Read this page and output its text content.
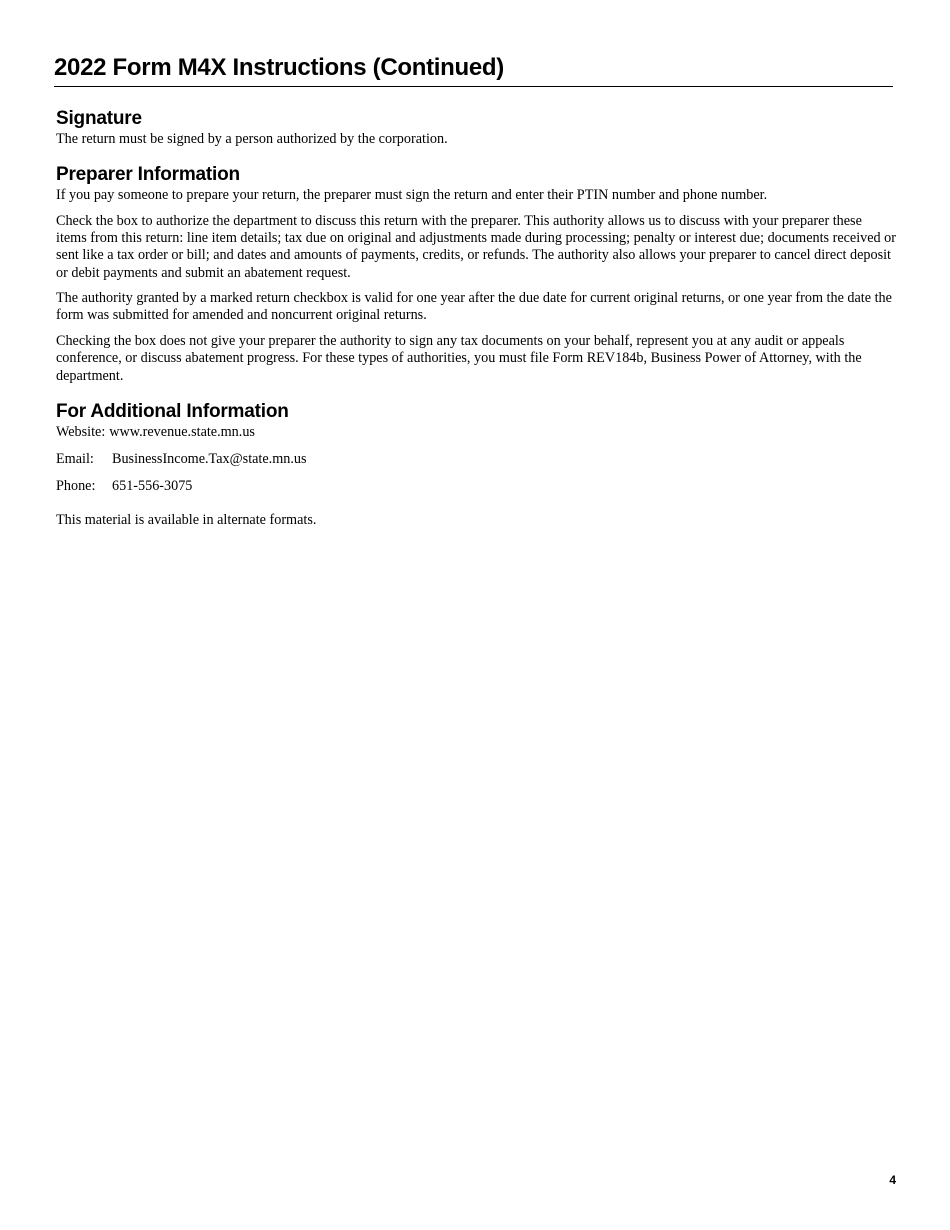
2022 Form M4X Instructions (Continued)
Signature

The return must be signed by a person authorized by the corporation.

Preparer Information

If you pay someone to prepare your return, the preparer must sign the return and enter their PTIN number and phone number.

Check the box to authorize the department to discuss this return with the preparer. This authority allows us to discuss with your preparer these items from this return: line item details; tax due on original and adjustments made during processing; penalty or interest due; documents received or sent like a tax order or bill; and dates and amounts of payments, credits, or refunds. The authority also allows your preparer to cancel direct deposit or debit payments and submit an abatement request.

The authority granted by a marked return checkbox is valid for one year after the due date for current original returns, or one year from the date the form was submitted for amended and noncurrent original returns.

Checking the box does not give your preparer the authority to sign any tax documents on your behalf, represent you at any audit or appeals conference, or discuss abatement progress. For these types of authorities, you must file Form REV184b, Business Power of Attorney, with the department.

For Additional Information

Website: www.revenue.state.mn.us

Email:	BusinessIncome.Tax@state.mn.us

Phone:	651-556-3075

This material is available in alternate formats.

4
